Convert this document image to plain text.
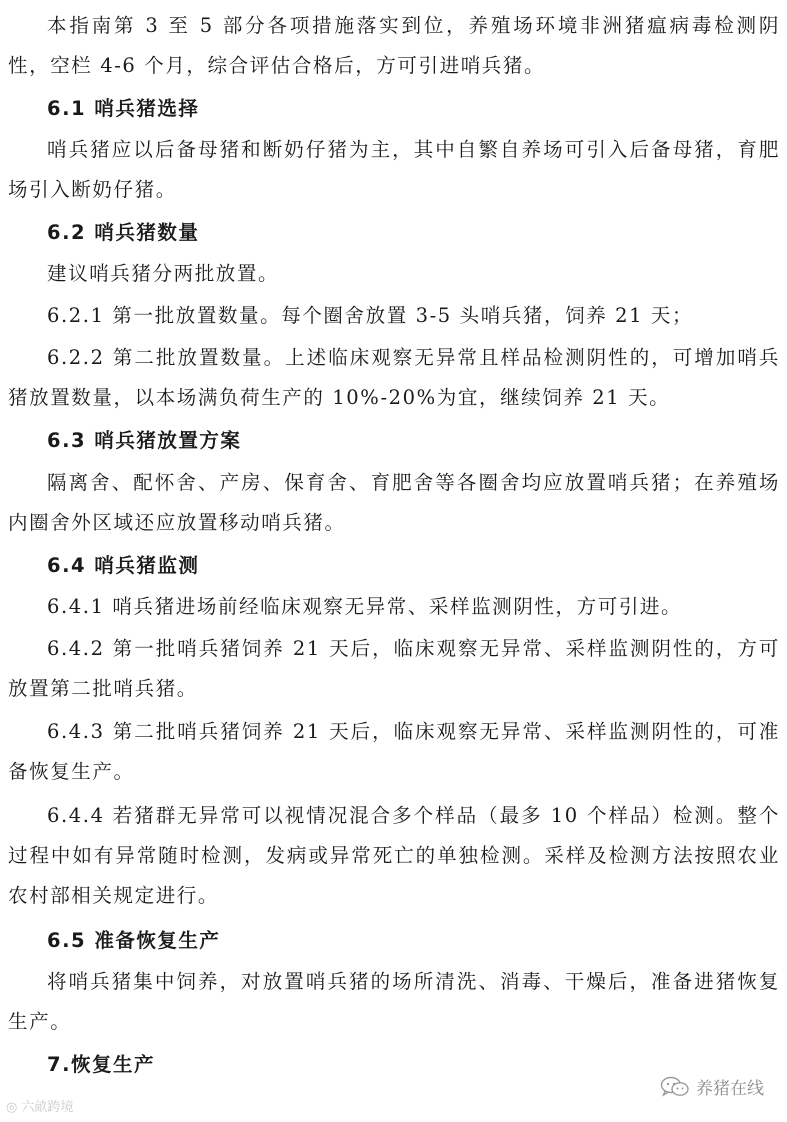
本指南第 3 至 5 部分各项措施落实到位，养殖场环境非洲猪瘟病毒检测阴性，空栏 4-6 个月，综合评估合格后，方可引进哨兵猪。
6.1 哨兵猪选择
哨兵猪应以后备母猪和断奶仔猪为主，其中自繁自养场可引入后备母猪，育肥场引入断奶仔猪。
6.2 哨兵猪数量
建议哨兵猪分两批放置。
6.2.1 第一批放置数量。每个圈舍放置 3-5 头哨兵猪，饲养 21 天；
6.2.2 第二批放置数量。上述临床观察无异常且样品检测阴性的，可增加哨兵猪放置数量，以本场满负荷生产的 10%-20%为宜，继续饲养 21 天。
6.3 哨兵猪放置方案
隔离舍、配怀舍、产房、保育舍、育肥舍等各圈舍均应放置哨兵猪；在养殖场内圈舍外区域还应放置移动哨兵猪。
6.4 哨兵猪监测
6.4.1 哨兵猪进场前经临床观察无异常、采样监测阴性，方可引进。
6.4.2 第一批哨兵猪饲养 21 天后，临床观察无异常、采样监测阴性的，方可放置第二批哨兵猪。
6.4.3 第二批哨兵猪饲养 21 天后，临床观察无异常、采样监测阴性的，可准备恢复生产。
6.4.4 若猪群无异常可以视情况混合多个样品（最多 10 个样品）检测。整个过程中如有异常随时检测，发病或异常死亡的单独检测。采样及检测方法按照农业农村部相关规定进行。
6.5 准备恢复生产
将哨兵猪集中饲养，对放置哨兵猪的场所清洗、消毒、干燥后，准备进猪恢复生产。
7.恢复生产
养猪在线
◎ 六畝跨境
